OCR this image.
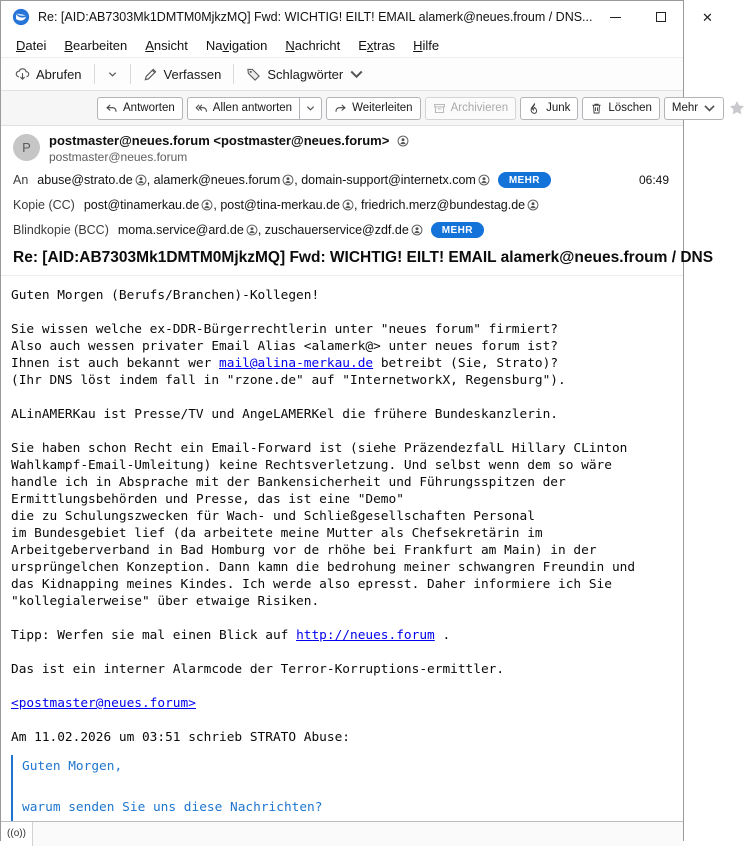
Re: [AID:AB7303Mk1DMTM0MjkzMQ] Fwd: WICHTIG! EILT! EMAIL alamerk@neues.froum / DNS...	✕
Datei	Bearbeiten	Ansicht	Navigation	Nachricht	Extras	Hilfe
Abrufen	Verfassen	Schlagwörter
Antworten	Allen antworten	Weiterleiten	Archivieren	Junk	Löschen Mehr
P	postmaster@neues.forum <postmaster@neues.forum>
postmaster@neues.forum
An abuse@strato.de , alamerk@neues.forum , domain-support@internetx.com	MEHR	06:49
Kopie (CC) post@tinamerkau.de , post@tina-merkau.de , friedrich.merz@bundestag.de
Blindkopie (BCC) moma.service@ard.de , zuschauerservice@zdf.de	MEHR
Re: [AID:AB7303Mk1DMTM0MjkzMQ] Fwd: WICHTIG! EILT! EMAIL alamerk@neues.froum / DNS
Guten Morgen (Berufs/Branchen)-Kollegen!

Sie wissen welche ex-DDR-Bürgerrechtlerin unter "neues forum" firmiert?
Also auch wessen privater Email Alias <alamerk@> unter neues forum ist?
Ihnen ist auch bekannt wer mail@alina-merkau.de betreibt (Sie, Strato)?
(Ihr DNS löst indem fall in "rzone.de" auf "InternetworkX, Regensburg").

ALinAMERKau ist Presse/TV und AngeLAMERKel die frühere Bundeskanzlerin.

Sie haben schon Recht ein Email-Forward ist (siehe PräzendezfalL Hillary CLinton
Wahlkampf-Email-Umleitung) keine Rechtsverletzung. Und selbst wenn dem so wäre
handle ich in Absprache mit der Bankensicherheit und Führungsspitzen der
Ermittlungsbehörden und Presse, das ist eine "Demo"
die zu Schulungszwecken für Wach- und Schließgesellschaften Personal
im Bundesgebiet lief (da arbeitete meine Mutter als Chefsekretärin im
Arbeitgeberverband in Bad Homburg vor de rhöhe bei Frankfurt am Main) in der
ursprüngelchen Konzeption. Dann kamn die bedrohung meiner schwangren Freundin und
das Kidnapping meines Kindes. Ich werde also epresst. Daher informiere ich Sie
"kollegialerweise" über etwaige Risiken.

Tipp: Werfen sie mal einen Blick auf http://neues.forum .

Das ist ein interner Alarmcode der Terror-Korruptions-ermittler.

<postmaster@neues.forum>

Am 11.02.2026 um 03:51 schrieb STRATO Abuse:
Guten Morgen,

warum senden Sie uns diese Nachrichten?
((o))
